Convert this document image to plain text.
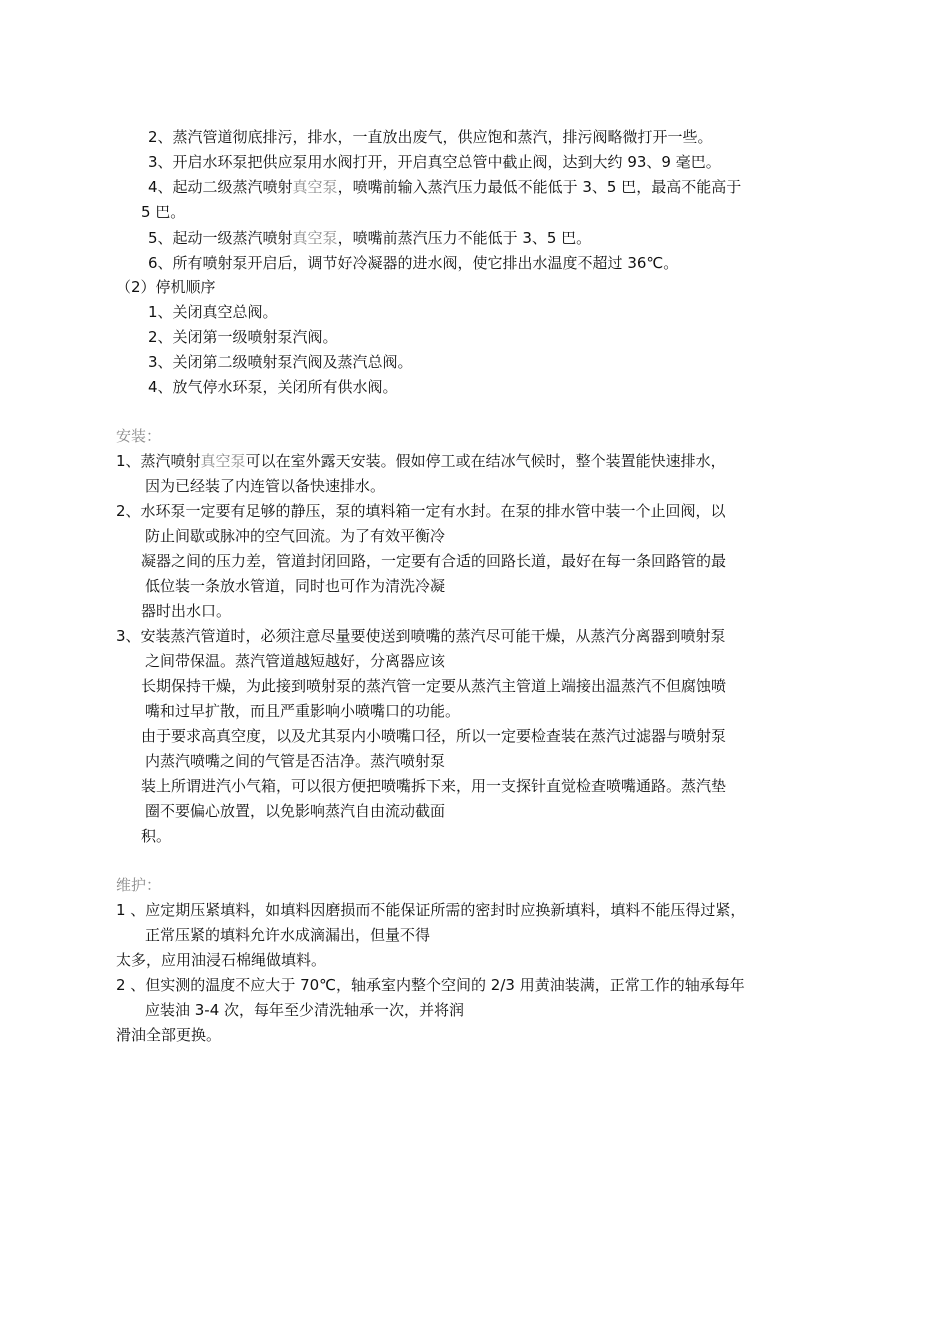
2、蒸汽管道彻底排污，排水，一直放出废气，供应饱和蒸汽，排污阀略微打开一些。
3、开启水环泵把供应泵用水阀打开，开启真空总管中截止阀，达到大约 93、9 毫巴。
4、起动二级蒸汽喷射真空泵，喷嘴前输入蒸汽压力最低不能低于 3、5 巴，最高不能高于
5 巴。
5、起动一级蒸汽喷射真空泵，喷嘴前蒸汽压力不能低于 3、5 巴。
6、所有喷射泵开启后，调节好冷凝器的进水阀，使它排出水温度不超过 36℃。
（2）停机顺序
1、关闭真空总阀。
2、关闭第一级喷射泵汽阀。
3、关闭第二级喷射泵汽阀及蒸汽总阀。
4、放气停水环泵，关闭所有供水阀。
安装：
1、蒸汽喷射真空泵可以在室外露天安装。假如停工或在结冰气候时，整个装置能快速排水，
因为已经装了内连管以备快速排水。
2、水环泵一定要有足够的静压，泵的填料箱一定有水封。在泵的排水管中装一个止回阀，以
防止间歇或脉冲的空气回流。为了有效平衡冷
凝器之间的压力差，管道封闭回路，一定要有合适的回路长道，最好在每一条回路管的最
低位装一条放水管道，同时也可作为清洗冷凝
器时出水口。
3、安装蒸汽管道时，必须注意尽量要使送到喷嘴的蒸汽尽可能干燥，从蒸汽分离器到喷射泵
之间带保温。蒸汽管道越短越好，分离器应该
长期保持干燥，为此接到喷射泵的蒸汽管一定要从蒸汽主管道上端接出温蒸汽不但腐蚀喷
嘴和过早扩散，而且严重影响小喷嘴口的功能。
由于要求高真空度，以及尤其泵内小喷嘴口径，所以一定要检查装在蒸汽过滤器与喷射泵
内蒸汽喷嘴之间的气管是否洁净。蒸汽喷射泵
装上所谓进汽小气箱，可以很方便把喷嘴拆下来，用一支探针直觉检查喷嘴通路。蒸汽垫
圈不要偏心放置，以免影响蒸汽自由流动截面
积。
维护：
1 、应定期压紧填料，如填料因磨损而不能保证所需的密封时应换新填料，填料不能压得过紧，
正常压紧的填料允许水成滴漏出，但量不得
太多，应用油浸石棉绳做填料。
2 、但实测的温度不应大于 70℃，轴承室内整个空间的 2/3 用黄油装满，正常工作的轴承每年
应装油 3-4 次，每年至少清洗轴承一次，并将润
滑油全部更换。
